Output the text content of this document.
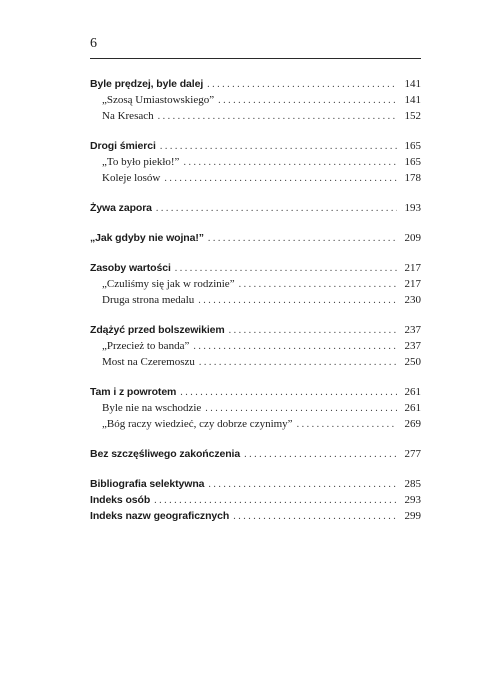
6
Byle prędzej, byle dalej . . .	141
„Szosą Umiastowskiego” . . .	141
Na Kresach . . .	152
Drogi śmierci . . .	165
„To było piekło!” . . .	165
Koleje losów . . .	178
Żywa zapora . . .	193
„Jak gdyby nie wojna!” . . .	209
Zasoby wartości . . .	217
„Czuliśmy się jak w rodzinie” . . .	217
Druga strona medalu . . .	230
Zdążyć przed bolszewikiem . . .	237
„Przecież to banda” . . .	237
Most na Czeremoszu . . .	250
Tam i z powrotem . . .	261
Byle nie na wschodzie . . .	261
„Bóg raczy wiedzieć, czy dobrze czynimy” . . .	269
Bez szczęśliwego zakończenia . . .	277
Bibliografia selektywna . . .	285
Indeks osób . . .	293
Indeks nazw geograficznych . . .	299
